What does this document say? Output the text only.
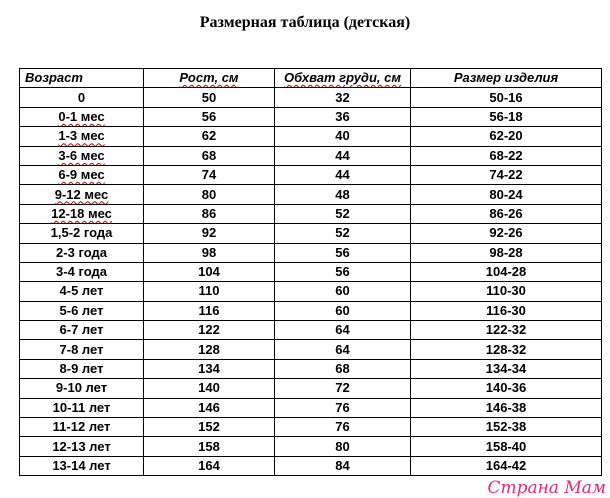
Размерная таблица (детская)
Возраст	Рост, см	Обхват груди, см	Размер изделия
0	50	32	50-16
0-1 мес	56	36	56-18
1-3 мес	62	40	62-20
3-6 мес	68	44	68-22
6-9 мес	74	44	74-22
9-12 мес	80	48	80-24
12-18 мес	86	52	86-26
1,5-2 года	92	52	92-26
2-3 года	98	56	98-28
3-4 года	104	56	104-28
4-5 лет	110	60	110-30
5-6 лет	116	60	116-30
6-7 лет	122	64	122-32
7-8 лет	128	64	128-32
8-9 лет	134	68	134-34
9-10 лет	140	72	140-36
10-11 лет	146	76	146-38
11-12 лет	152	76	152-38
12-13 лет	158	80	158-40
13-14 лет	164	84	164-42
Страна Мам
